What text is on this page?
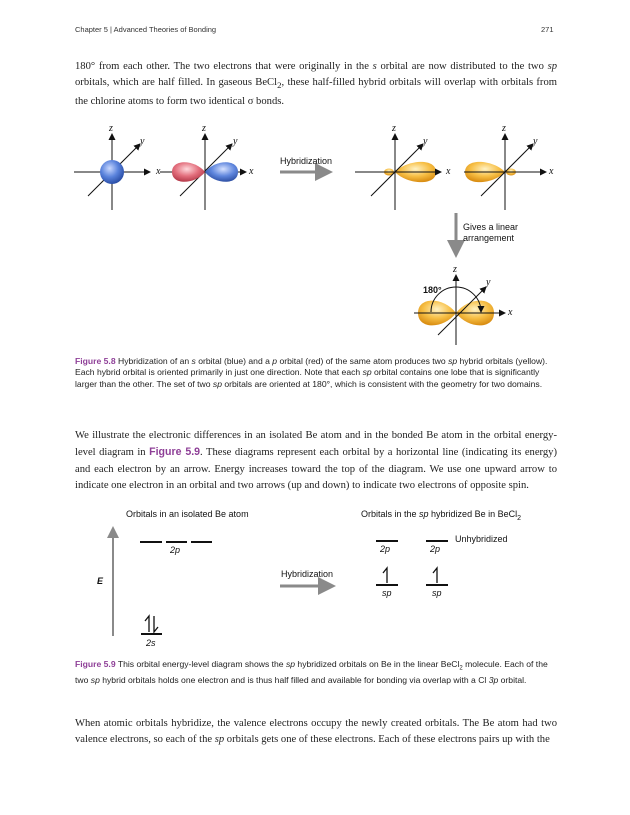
Chapter 5 | Advanced Theories of Bonding	271
180° from each other. The two electrons that were originally in the s orbital are now distributed to the two sp orbitals, which are half filled. In gaseous BeCl$_2$, these half-filled hybrid orbitals will overlap with orbitals from the chlorine atoms to form two identical σ bonds.
z
y
x
z
y
x
Hybridization
z
y
x
z
y
x
Gives a linear
arrangement
z
y
x
180°
Figure 5.8 Hybridization of an s orbital (blue) and a p orbital (red) of the same atom produces two sp hybrid orbitals (yellow). Each hybrid orbital is oriented primarily in just one direction. Note that each sp orbital contains one lobe that is significantly larger than the other. The set of two sp orbitals are oriented at 180°, which is consistent with the geometry for two domains.
We illustrate the electronic differences in an isolated Be atom and in the bonded Be atom in the orbital energy-level diagram in Figure 5.9. These diagrams represent each orbital by a horizontal line (indicating its energy) and each electron by an arrow. Energy increases toward the top of the diagram. We use one upward arrow to indicate one electron in an orbital and two arrows (up and down) to indicate two electrons of opposite spin.
Orbitals in an isolated Be atom	Orbitals in the sp hybridized Be in BeCl$_2$
E
2p
2s
2p	2p
Unhybridized
Hybridization
sp	sp
Figure 5.9 This orbital energy-level diagram shows the sp hybridized orbitals on Be in the linear BeCl$_2$ molecule. Each of the two sp hybrid orbitals holds one electron and is thus half filled and available for bonding via overlap with a Cl 3p orbital.
When atomic orbitals hybridize, the valence electrons occupy the newly created orbitals. The Be atom had two valence electrons, so each of the sp orbitals gets one of these electrons. Each of these electrons pairs up with the
